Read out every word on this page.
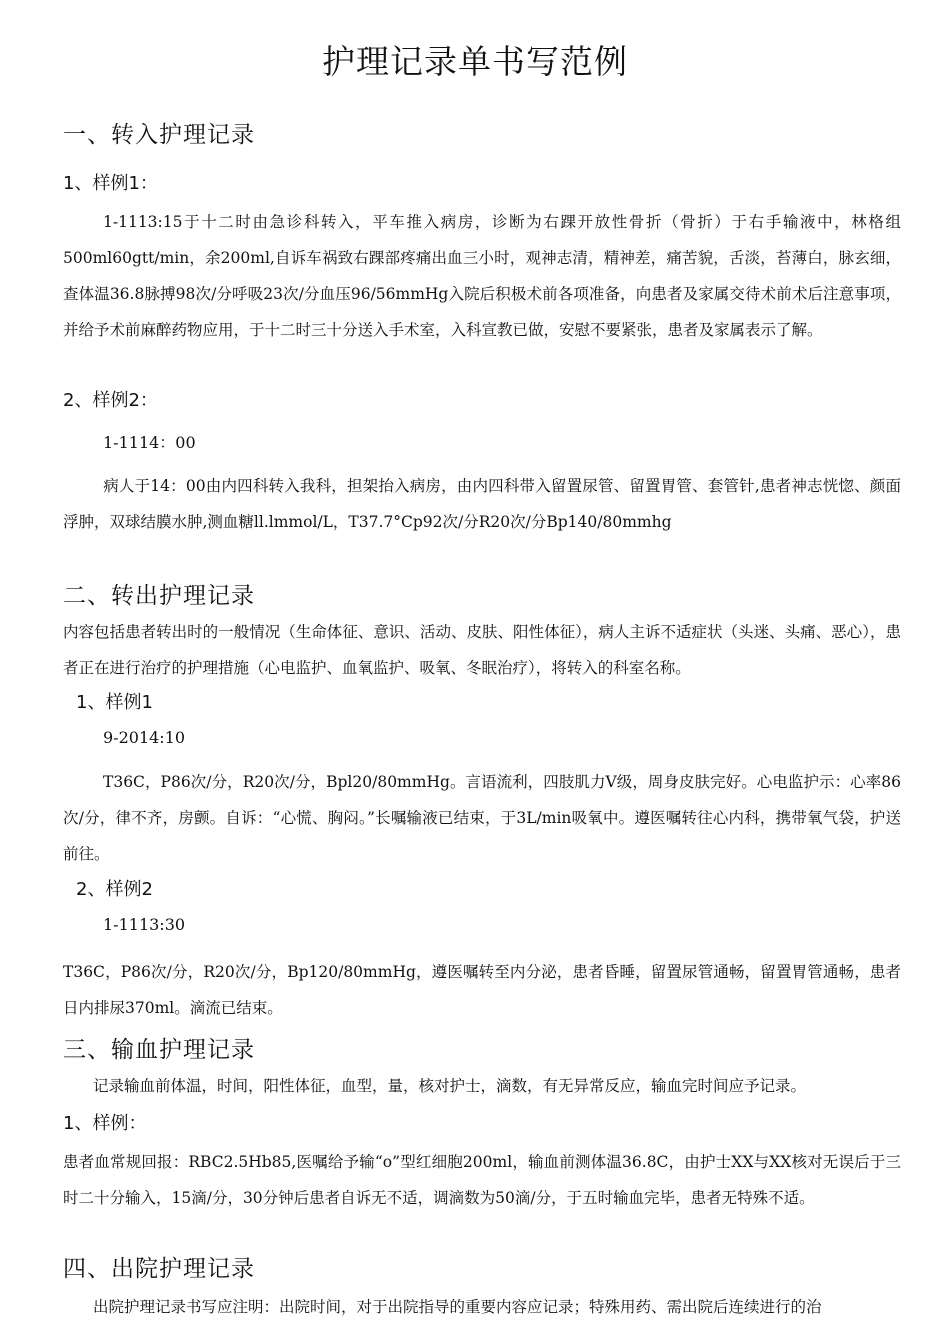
护理记录单书写范例
一、转入护理记录
1、样例1：
1-1113:15于十二时由急诊科转入，平车推入病房，诊断为右踝开放性骨折（骨折）于右手输液中，林格组500ml60gtt/min，余200ml,自诉车祸致右踝部疼痛出血三小时，观神志清，精神差，痛苦貌，舌淡，苔薄白，脉玄细，查体温36.8脉搏98次/分呼吸23次/分血压96/56mmHg入院后积极术前各项准备，向患者及家属交待术前术后注意事项，并给予术前麻醉药物应用，于十二时三十分送入手术室，入科宣教已做，安慰不要紧张，患者及家属表示了解。
2、样例2：
1-1114：00
病人于14：00由内四科转入我科，担架抬入病房，由内四科带入留置尿管、留置胃管、套管针,患者神志恍惚、颜面浮肿，双球结膜水肿,测血糖ll.lmmol/L，T37.7°Cp92次/分R20次/分Bp140/80mmhg
二、转出护理记录
内容包括患者转出时的一般情况（生命体征、意识、活动、皮肤、阳性体征），病人主诉不适症状（头迷、头痛、恶心），患者正在进行治疗的护理措施（心电监护、血氧监护、吸氧、冬眠治疗），将转入的科室名称。
1、样例1
9-2014:10
T36C，P86次/分，R20次/分，Bpl20/80mmHg。言语流利，四肢肌力V级，周身皮肤完好。心电监护示：心率86次/分，律不齐，房颤。自诉：“心慌、胸闷。”长嘱输液已结束，于3L/min吸氧中。遵医嘱转往心内科，携带氧气袋，护送前往。
2、样例2
1-1113:30
T36C，P86次/分，R20次/分，Bp120/80mmHg，遵医嘱转至内分泌，患者昏睡，留置尿管通畅，留置胃管通畅，患者日内排尿370ml。滴流已结束。
三、输血护理记录
记录输血前体温，时间，阳性体征，血型，量，核对护士，滴数，有无异常反应，输血完时间应予记录。
1、样例：
患者血常规回报：RBC2.5Hb85,医嘱给予输“o”型红细胞200ml，输血前测体温36.8C，由护士XX与XX核对无误后于三时二十分输入，15滴/分，30分钟后患者自诉无不适，调滴数为50滴/分，于五时输血完毕，患者无特殊不适。
四、出院护理记录
出院护理记录书写应注明：出院时间，对于出院指导的重要内容应记录；特殊用药、需出院后连续进行的治
